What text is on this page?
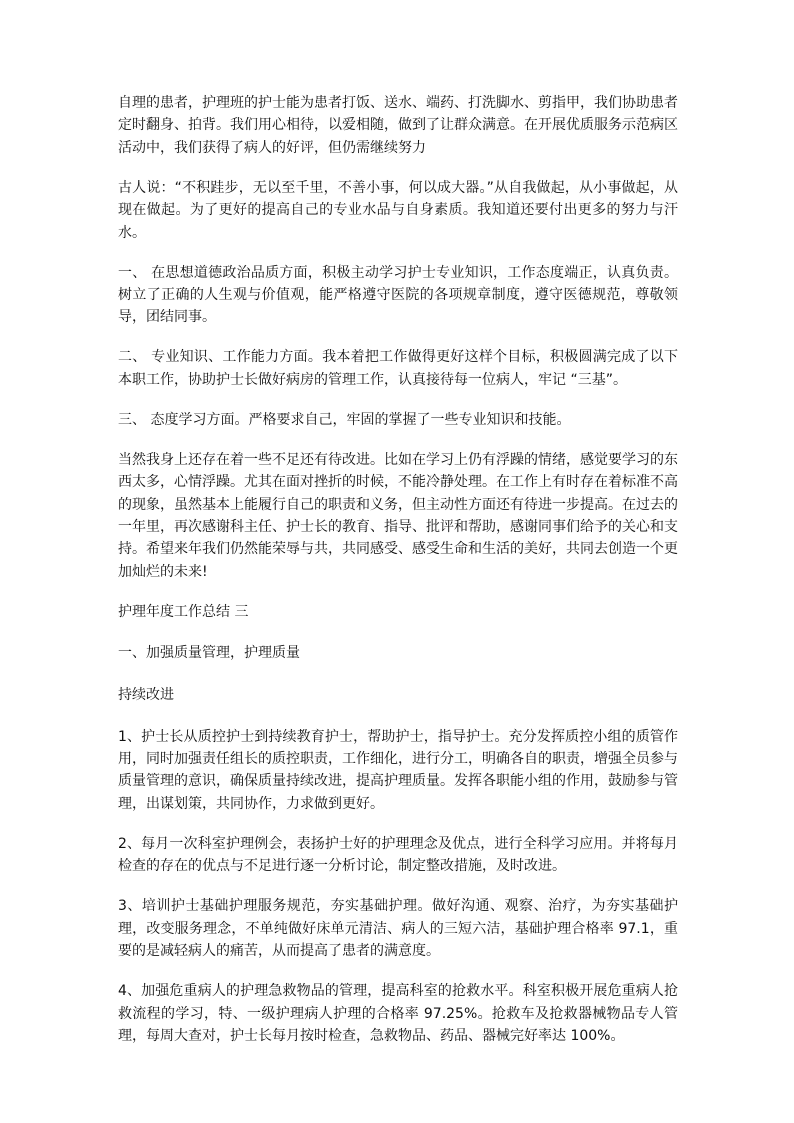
自理的患者，护理班的护士能为患者打饭、送水、端药、打洗脚水、剪指甲，我们协助患者定时翻身、拍背。我们用心相待，以爱相随，做到了让群众满意。在开展优质服务示范病区活动中，我们获得了病人的好评，但仍需继续努力

古人说：“不积跬步，无以至千里，不善小事，何以成大器。”从自我做起，从小事做起，从现在做起。为了更好的提高自己的专业水品与自身素质。我知道还要付出更多的努力与汗水。

一、 在思想道德政治品质方面，积极主动学习护士专业知识，工作态度端正，认真负责。树立了正确的人生观与价值观，能严格遵守医院的各项规章制度，遵守医德规范，尊敬领导，团结同事。

二、 专业知识、工作能力方面。我本着把工作做得更好这样个目标，积极圆满完成了以下本职工作，协助护士长做好病房的管理工作，认真接待每一位病人，牢记 “三基”。

三、 态度学习方面。严格要求自己，牢固的掌握了一些专业知识和技能。

当然我身上还存在着一些不足还有待改进。比如在学习上仍有浮躁的情绪，感觉要学习的东西太多，心情浮躁。尤其在面对挫折的时候，不能冷静处理。在工作上有时存在着标准不高的现象，虽然基本上能履行自己的职责和义务，但主动性方面还有待进一步提高。在过去的一年里，再次感谢科主任、护士长的教育、指导、批评和帮助，感谢同事们给予的关心和支持。希望来年我们仍然能荣辱与共，共同感受、感受生命和生活的美好，共同去创造一个更加灿烂的未来!

护理年度工作总结 三

一、加强质量管理，护理质量

持续改进

1、护士长从质控护士到持续教育护士，帮助护士，指导护士。充分发挥质控小组的质管作用，同时加强责任组长的质控职责，工作细化，进行分工，明确各自的职责，增强全员参与质量管理的意识，确保质量持续改进，提高护理质量。发挥各职能小组的作用，鼓励参与管理，出谋划策，共同协作，力求做到更好。

2、每月一次科室护理例会，表扬护士好的护理理念及优点，进行全科学习应用。并将每月检查的存在的优点与不足进行逐一分析讨论，制定整改措施，及时改进。

3、培训护士基础护理服务规范，夯实基础护理。做好沟通、观察、治疗，为夯实基础护理，改变服务理念，不单纯做好床单元清洁、病人的三短六洁，基础护理合格率 97.1，重要的是减轻病人的痛苦，从而提高了患者的满意度。

4、加强危重病人的护理急救物品的管理，提高科室的抢救水平。科室积极开展危重病人抢救流程的学习，特、一级护理病人护理的合格率 97.25%。抢救车及抢救器械物品专人管理，每周大查对，护士长每月按时检查，急救物品、药品、器械完好率达 100%。
